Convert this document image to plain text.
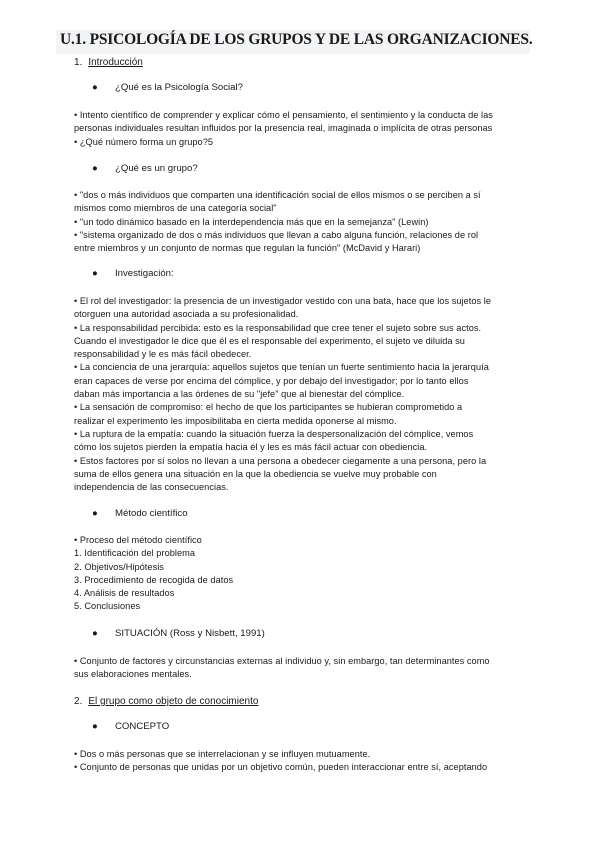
U.1. PSICOLOGÍA DE LOS GRUPOS Y DE LAS ORGANIZACIONES.
1. Introducción
● ¿Qué es la Psicología Social?
• Intento científico de comprender y explicar cómo el pensamiento, el sentimiento y la conducta de las
personas individuales resultan influidos por la presencia real, imaginada o implícita de otras personas
• ¿Qué número forma un grupo?5
● ¿Qué es un grupo?
• "dos o más individuos que comparten una identificación social de ellos mismos o se perciben a sí
mismos como miembros de una categoría social"
• "un todo dinámico basado en la interdependencia más que en la semejanza" (Lewin)
• "sistema organizado de dos o más individuos que llevan a cabo alguna función, relaciones de rol
entre miembros y un conjunto de normas que regulan la función" (McDavid y Harari)
● Investigación:
• El rol del investigador: la presencia de un investigador vestido con una bata, hace que los sujetos le
otorguen una autoridad asociada a su profesionalidad.
• La responsabilidad percibida: esto es la responsabilidad que cree tener el sujeto sobre sus actos.
Cuando el investigador le dice que él es el responsable del experimento, el sujeto ve diluida su
responsabilidad y le es más fácil obedecer.
• La conciencia de una jerarquía: aquellos sujetos que tenían un fuerte sentimiento hacia la jerarquía
eran capaces de verse por encima del cómplice, y por debajo del investigador; por lo tanto ellos
daban más importancia a las órdenes de su "jefe" que al bienestar del cómplice.
• La sensación de compromiso: el hecho de que los participantes se hubieran comprometido a
realizar el experimento les imposibilitaba en cierta medida oponerse al mismo.
• La ruptura de la empatía: cuando la situación fuerza la despersonalización del cómplice, vemos
cómo los sujetos pierden la empatía hacia él y les es más fácil actuar con obediencia.
• Estos factores por sí solos no llevan a una persona a obedecer ciegamente a una persona, pero la
suma de ellos genera una situación en la que la obediencia se vuelve muy probable con
independencia de las consecuencias.
● Método científico
• Proceso del método científico
1. Identificación del problema
2. Objetivos/Hipótesis
3. Procedimiento de recogida de datos
4. Análisis de resultados
5. Conclusiones
● SITUACIÓN (Ross y Nisbett, 1991)
• Conjunto de factores y circunstancias externas al individuo y, sin embargo, tan determinantes como
sus elaboraciones mentales.
2. El grupo como objeto de conocimiento
● CONCEPTO
• Dos o más personas que se interrelacionan y se influyen mutuamente.
• Conjunto de personas que unidas por un objetivo común, pueden interaccionar entre sí, aceptando
